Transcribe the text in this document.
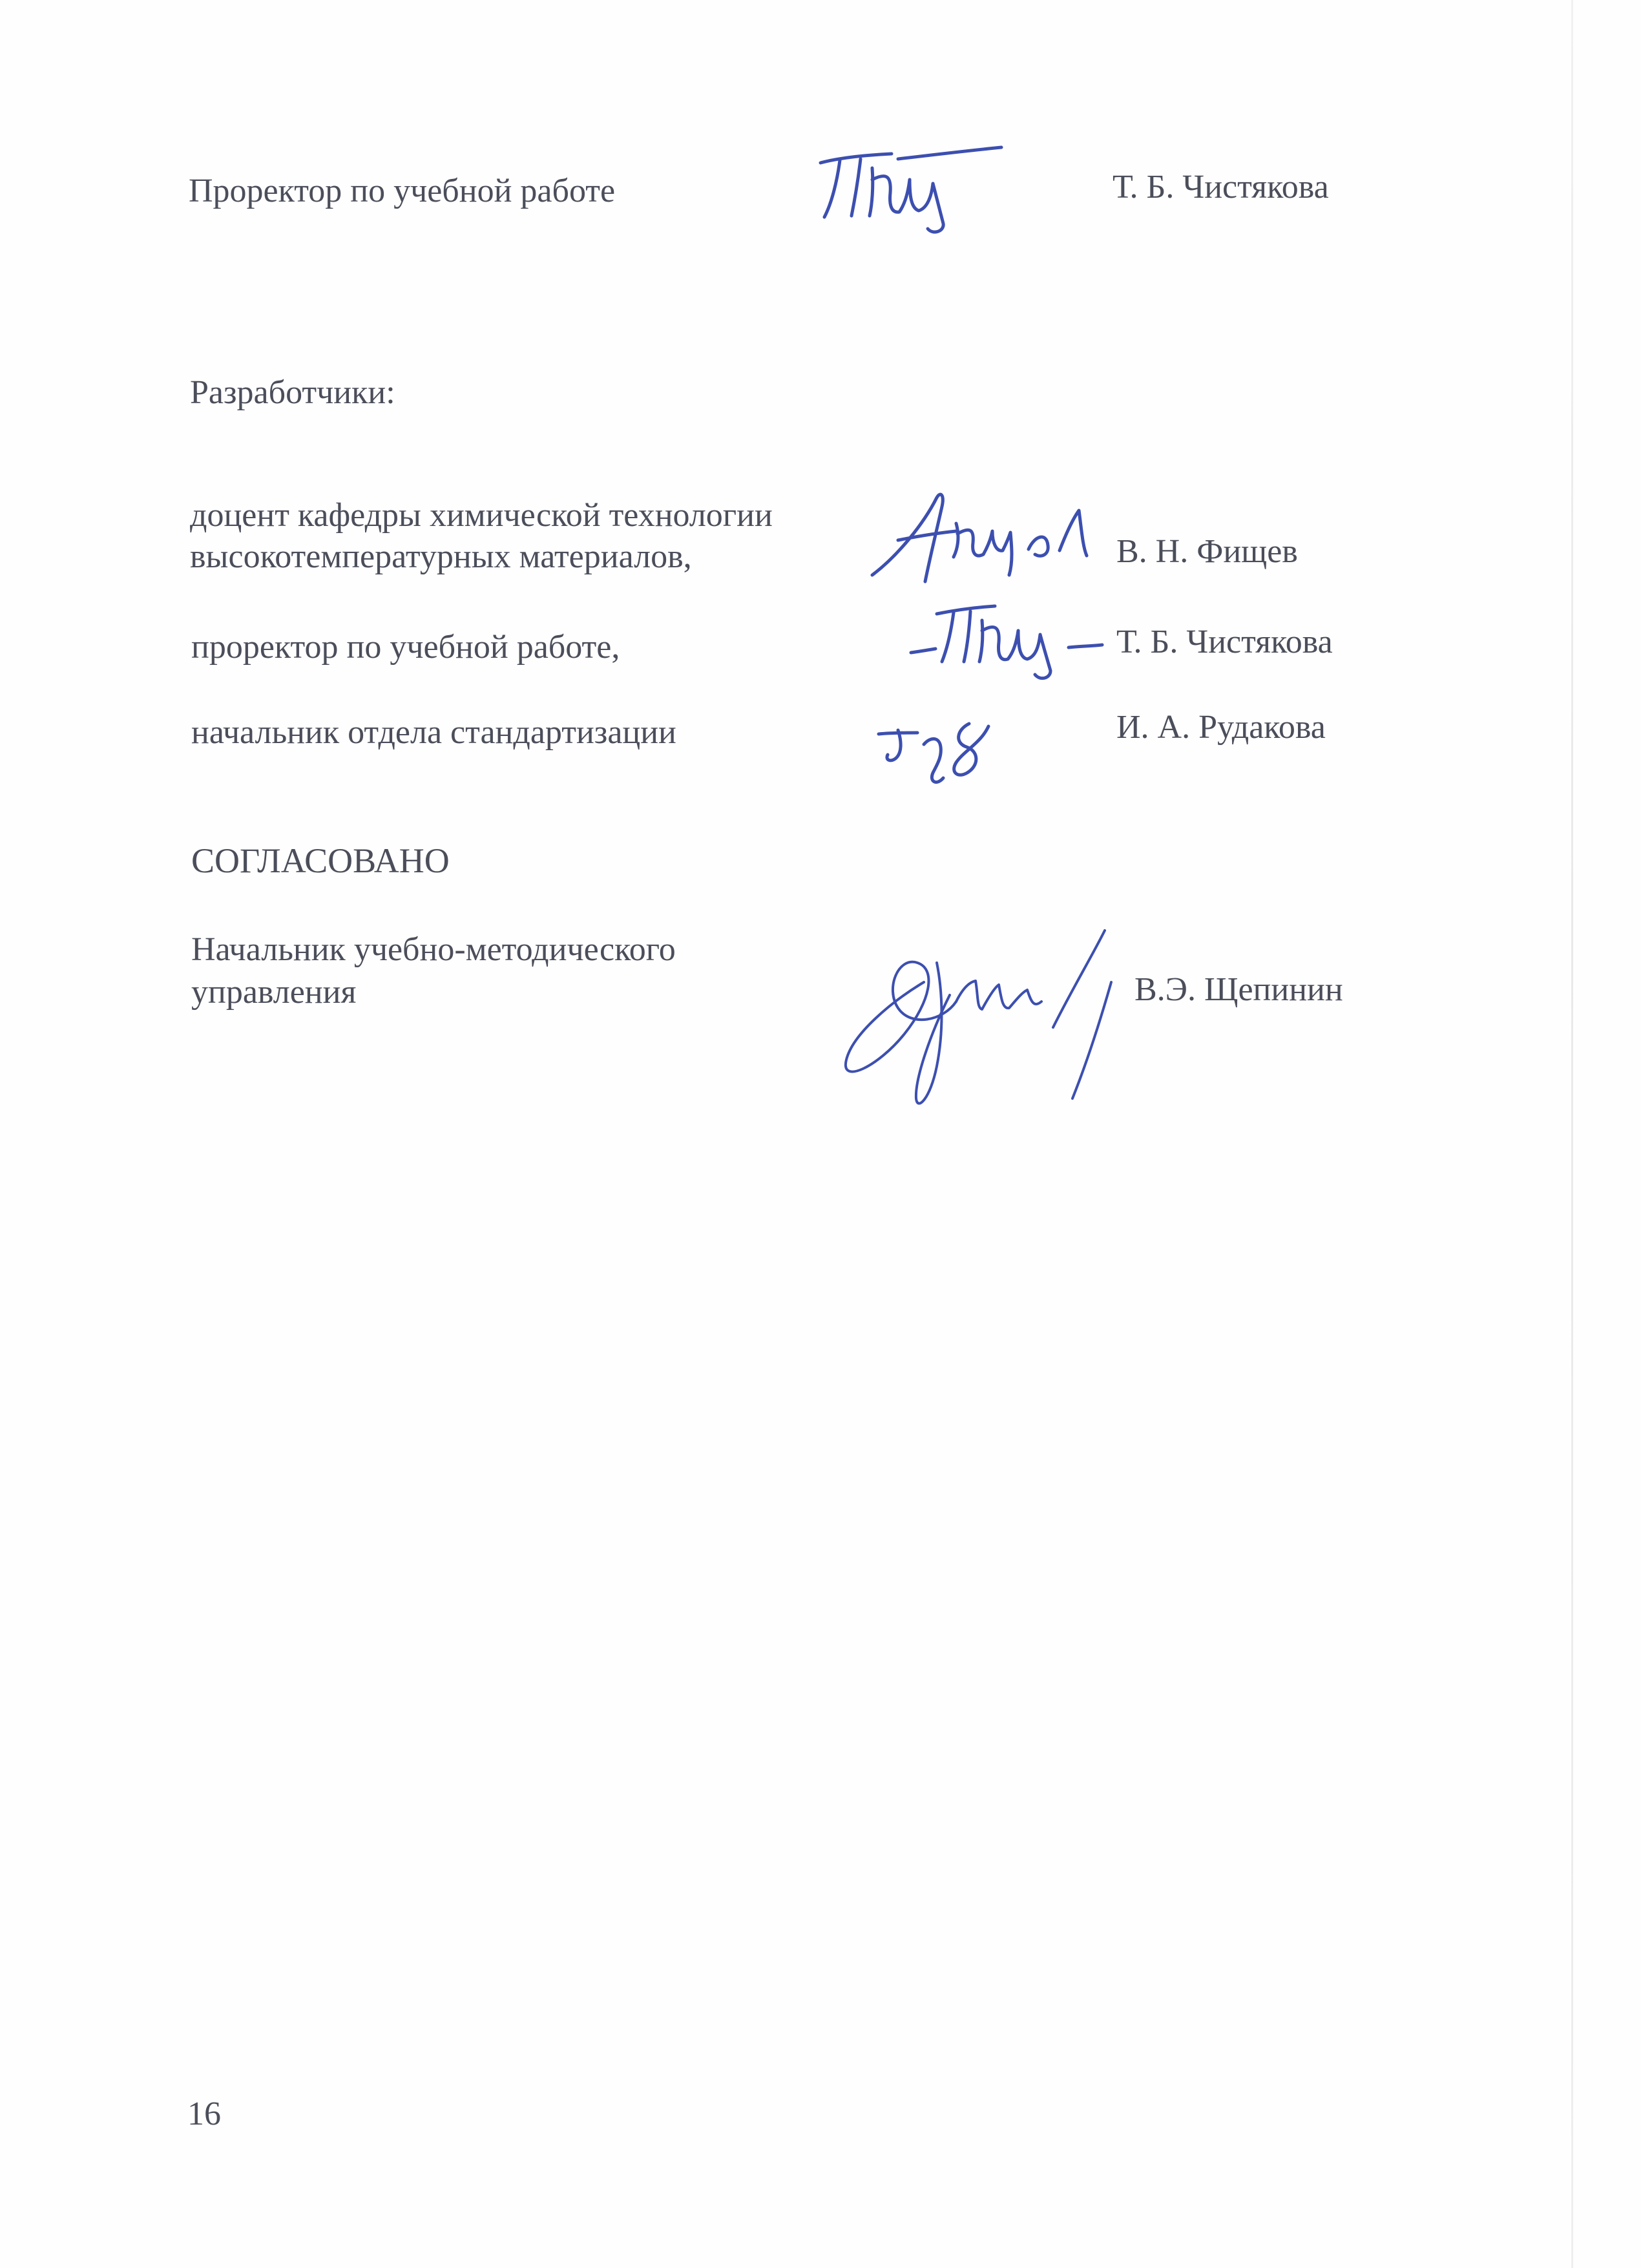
Проректор по учебной работе	Т. Б. Чистякова

Разработчики:

доцент кафедры химической технологии

высокотемпературных материалов,	В. Н. Фищев

проректор по учебной работе,	Т. Б. Чистякова

начальник отдела стандартизации	И. А. Рудакова

СОГЛАСОВАНО

Начальник учебно-методического

управления	В.Э. Щепинин

16
